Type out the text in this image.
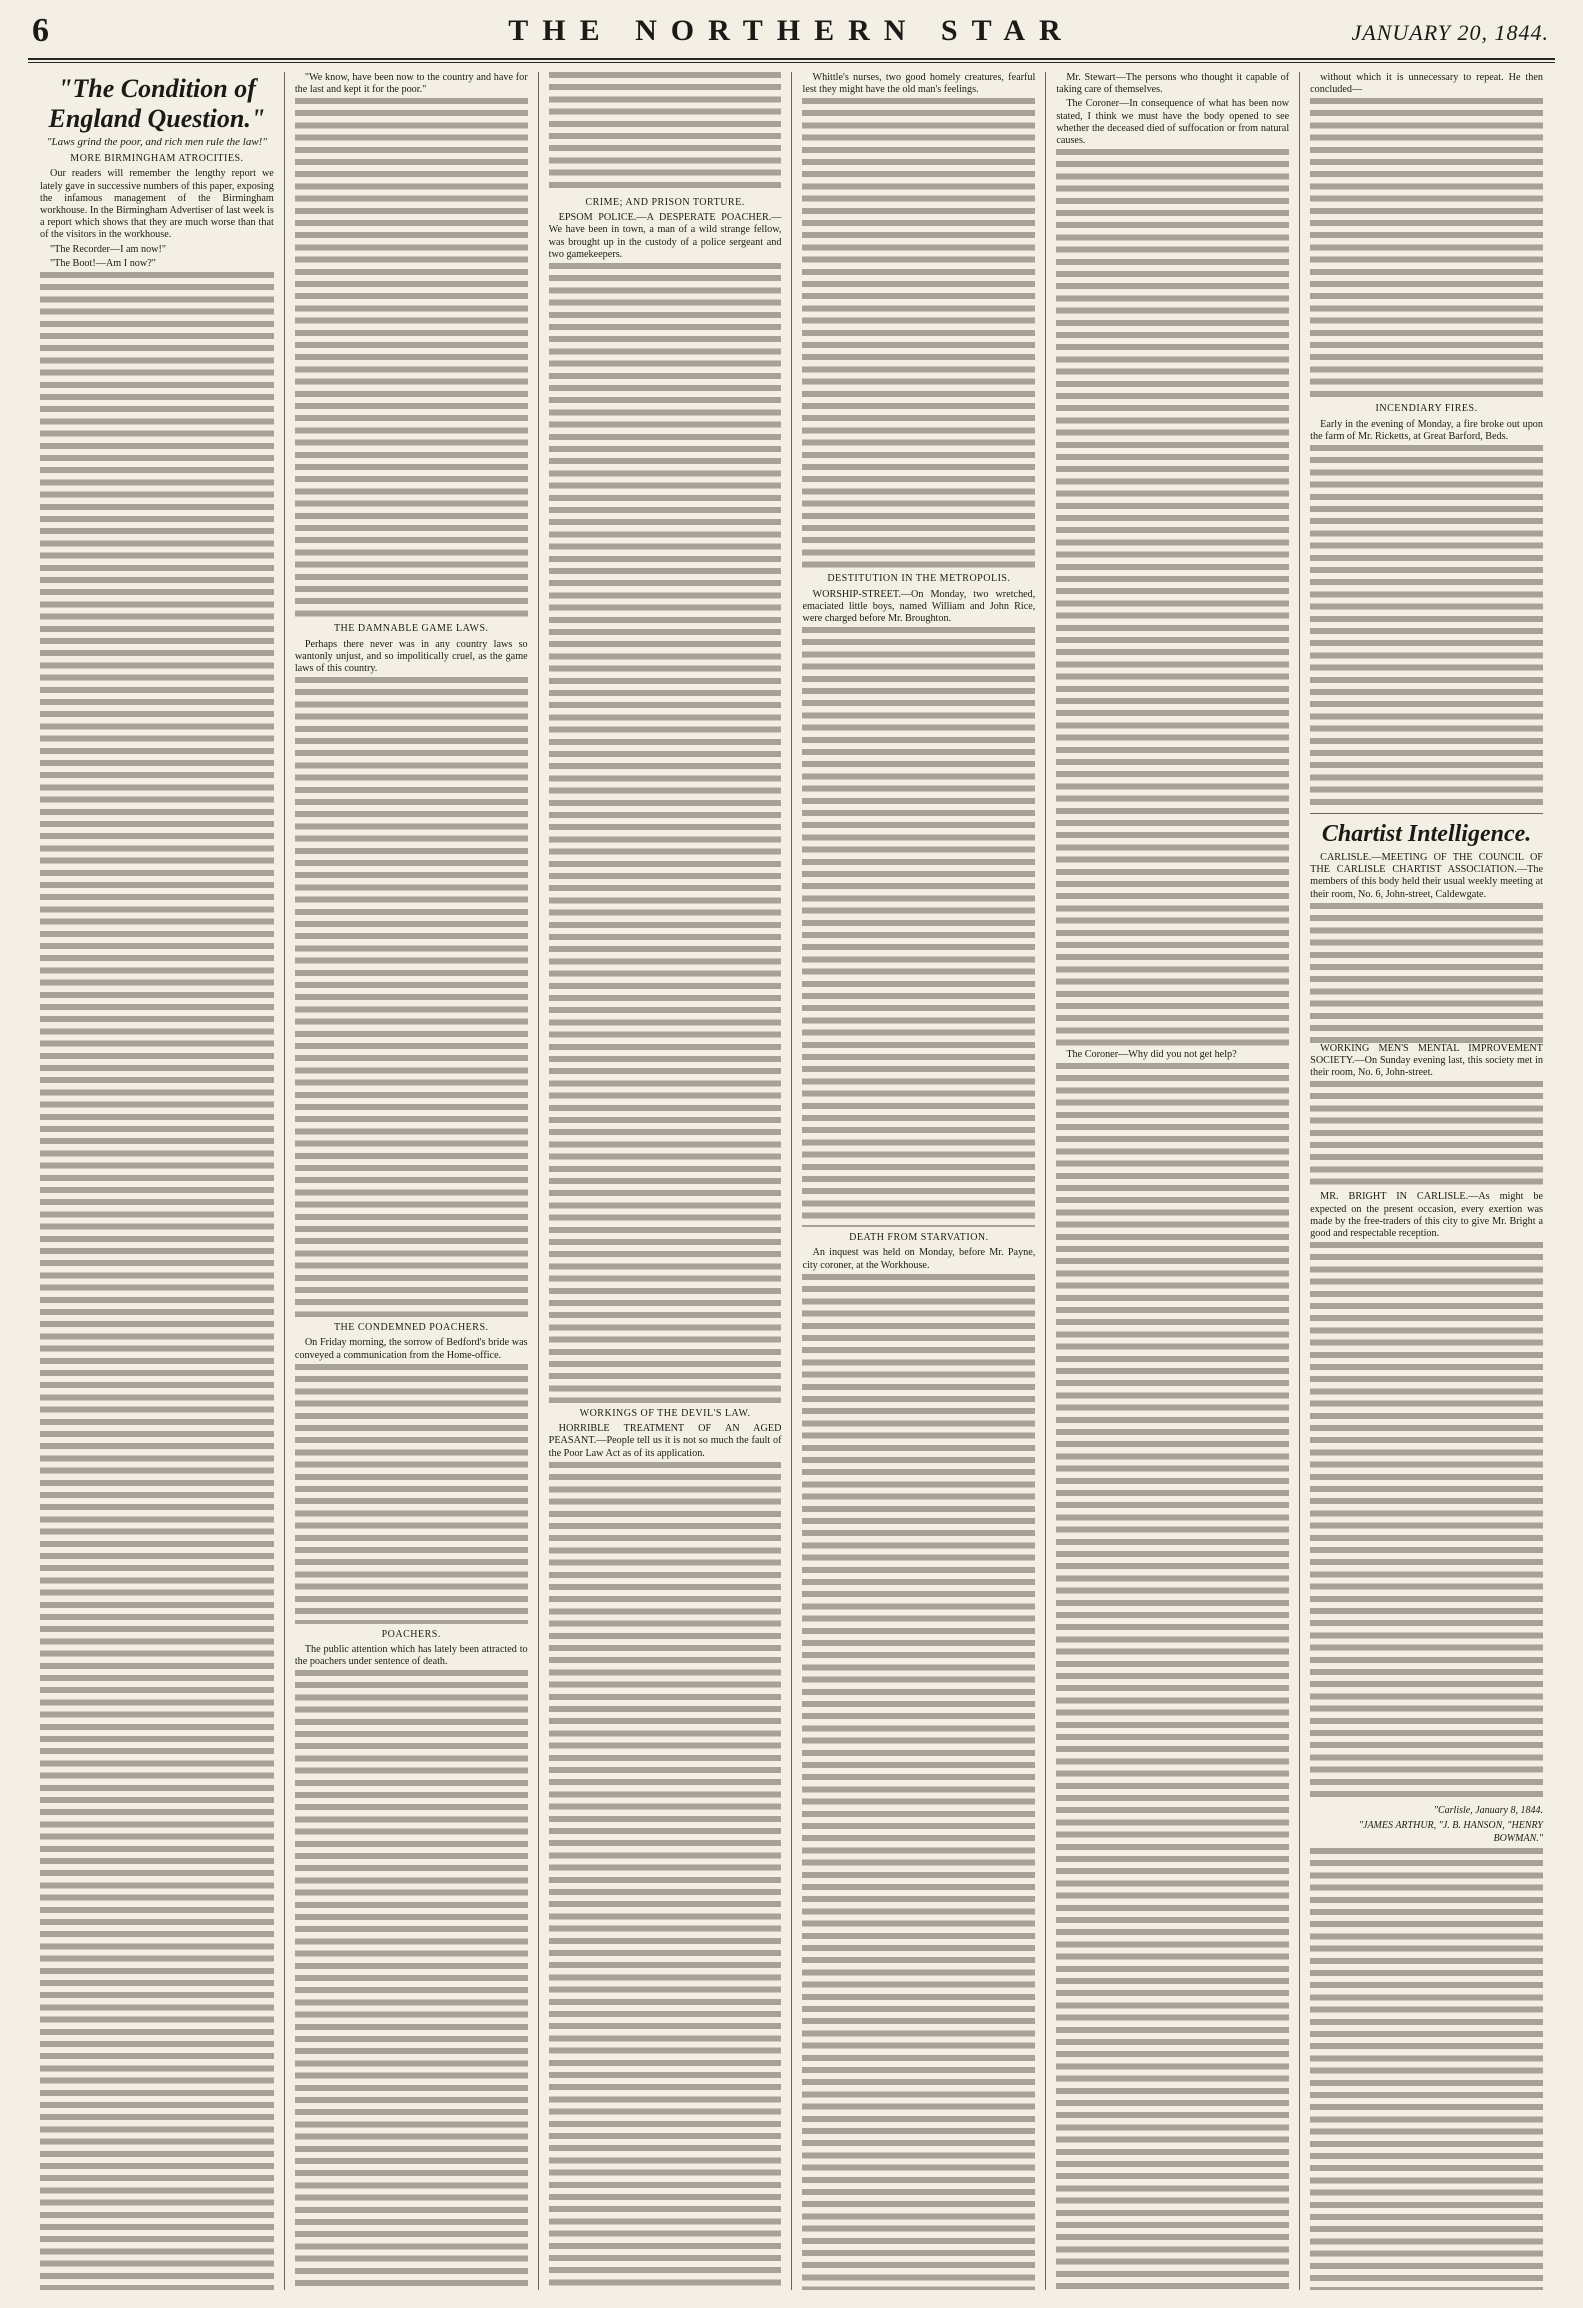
6	THE NORTHERN STAR	JANUARY 20, 1844.
"The Condition of England Question."
"Laws grind the poor, and rich men rule the law!"
MORE BIRMINGHAM ATROCITIES.

Our readers will remember the lengthy report we lately gave in successive numbers of this paper, exposing the infamous management of the Birmingham workhouse. In the Birmingham Advertiser of last week is a report which shows that they are much worse than that of the visitors in the workhouse.

"The Recorder—I am now!"

"The Boot!—Am I now?"

"We know, have been now to the country and have for the last and kept it for the poor."

THE DAMNABLE GAME LAWS.

Perhaps there never was in any country laws so wantonly unjust, and so impolitically cruel, as the game laws of this country.

THE CONDEMNED POACHERS.

On Friday morning, the sorrow of Bedford's bride was conveyed a communication from the Home-office.

POACHERS.

The public attention which has lately been attracted to the poachers under sentence of death.

CRIME; AND PRISON TORTURE.

EPSOM POLICE.—A DESPERATE POACHER.—We have been in town, a man of a wild strange fellow, was brought up in the custody of a police sergeant and two gamekeepers.

WORKINGS OF THE DEVIL'S LAW.

HORRIBLE TREATMENT OF AN AGED PEASANT.—People tell us it is not so much the fault of the Poor Law Act as of its application.

Whittle's nurses, two good homely creatures, fearful lest they might have the old man's feelings.

DESTITUTION IN THE METROPOLIS.

WORSHIP-STREET.—On Monday, two wretched, emaciated little boys, named William and John Rice, were charged before Mr. Broughton.

DEATH FROM STARVATION.

An inquest was held on Monday, before Mr. Payne, city coroner, at the Workhouse.

Mr. Stewart—The persons who thought it capable of taking care of themselves.

The Coroner—In consequence of what has been now stated, I think we must have the body opened to see whether the deceased died of suffocation or from natural causes.

The Coroner—Why did you not get help?

without which it is unnecessary to repeat. He then concluded—

INCENDIARY FIRES.

Early in the evening of Monday, a fire broke out upon the farm of Mr. Ricketts, at Great Barford, Beds.

Chartist Intelligence.

CARLISLE.—MEETING OF THE COUNCIL OF THE CARLISLE CHARTIST ASSOCIATION.—The members of this body held their usual weekly meeting at their room, No. 6, John-street, Caldewgate.

WORKING MEN'S MENTAL IMPROVEMENT SOCIETY.—On Sunday evening last, this society met in their room, No. 6, John-street.

MR. BRIGHT IN CARLISLE.—As might be expected on the present occasion, every exertion was made by the free-traders of this city to give Mr. Bright a good and respectable reception.

"Carlisle, January 8, 1844.
"JAMES ARTHUR, "J. B. HANSON, "HENRY BOWMAN."
